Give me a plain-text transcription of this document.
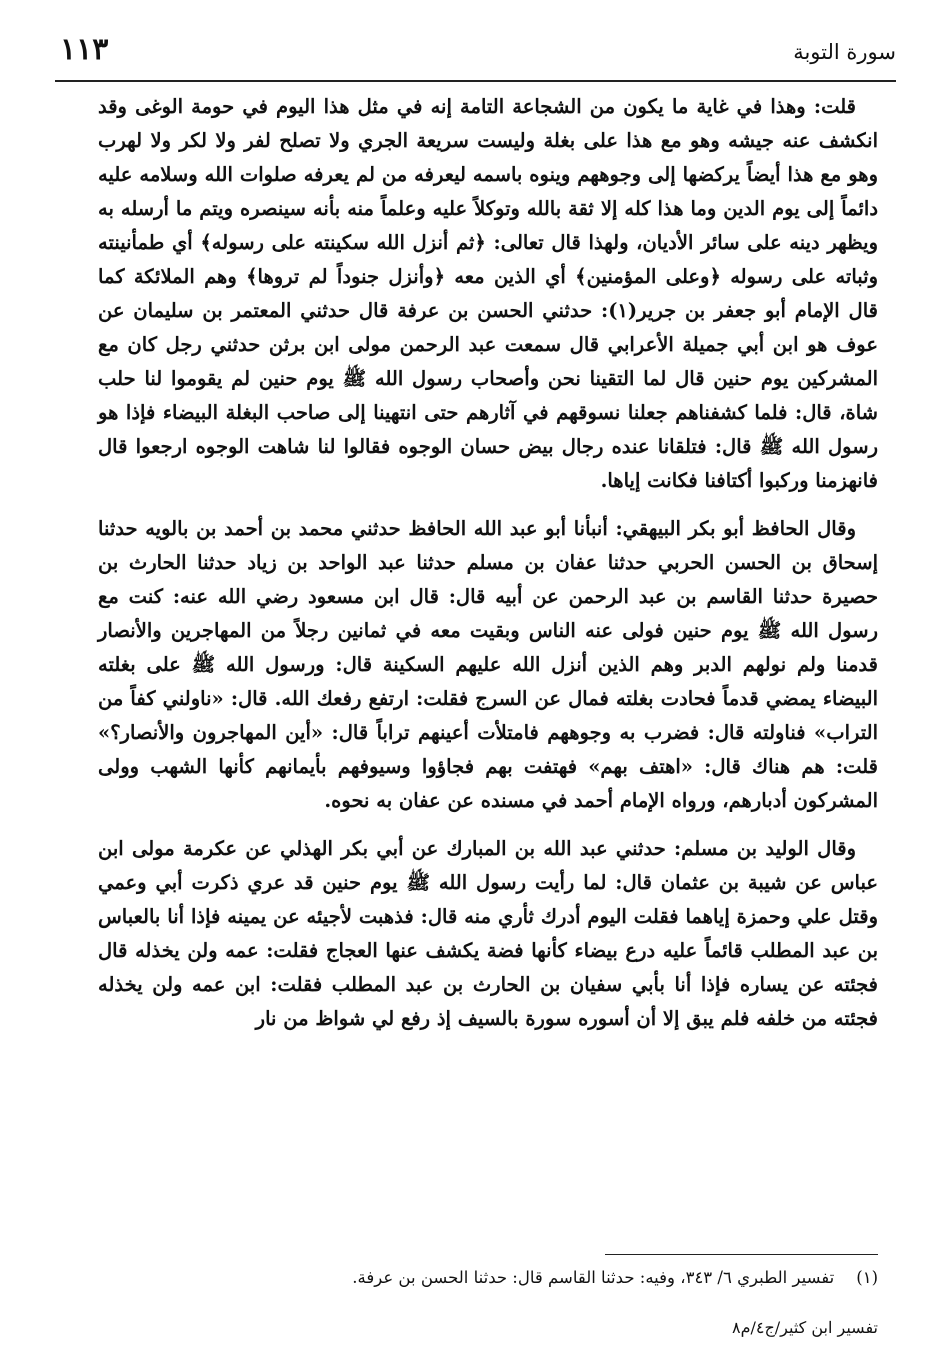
سورة التوبة
١١٣

قلت: وهذا في غاية ما يكون من الشجاعة التامة إنه في مثل هذا اليوم في حومة الوغى وقد انكشف عنه جيشه وهو مع هذا على بغلة وليست سريعة الجري ولا تصلح لفر ولا لكر ولا لهرب وهو مع هذا أيضاً يركضها إلى وجوههم وينوه باسمه ليعرفه من لم يعرفه صلوات الله وسلامه عليه دائماً إلى يوم الدين وما هذا كله إلا ثقة بالله وتوكلاً عليه وعلماً منه بأنه سينصره ويتم ما أرسله به ويظهر دينه على سائر الأديان، ولهذا قال تعالى: ﴿ثم أنزل الله سكينته على رسوله﴾ أي طمأنينته وثباته على رسوله ﴿وعلى المؤمنين﴾ أي الذين معه ﴿وأنزل جنوداً لم تروها﴾ وهم الملائكة كما قال الإمام أبو جعفر بن جرير(١): حدثني الحسن بن عرفة قال حدثني المعتمر بن سليمان عن عوف هو ابن أبي جميلة الأعرابي قال سمعت عبد الرحمن مولى ابن برثن حدثني رجل كان مع المشركين يوم حنين قال لما التقينا نحن وأصحاب رسول الله ﷺ يوم حنين لم يقوموا لنا حلب شاة، قال: فلما كشفناهم جعلنا نسوقهم في آثارهم حتى انتهينا إلى صاحب البغلة البيضاء فإذا هو رسول الله ﷺ قال: فتلقانا عنده رجال بيض حسان الوجوه فقالوا لنا شاهت الوجوه ارجعوا قال فانهزمنا وركبوا أكتافنا فكانت إياها.

وقال الحافظ أبو بكر البيهقي: أنبأنا أبو عبد الله الحافظ حدثني محمد بن أحمد بن بالويه حدثنا إسحاق بن الحسن الحربي حدثنا عفان بن مسلم حدثنا عبد الواحد بن زياد حدثنا الحارث بن حصيرة حدثنا القاسم بن عبد الرحمن عن أبيه قال: قال ابن مسعود رضي الله عنه: كنت مع رسول الله ﷺ يوم حنين فولى عنه الناس وبقيت معه في ثمانين رجلاً من المهاجرين والأنصار قدمنا ولم نولهم الدبر وهم الذين أنزل الله عليهم السكينة قال: ورسول الله ﷺ على بغلته البيضاء يمضي قدماً فحادت بغلته فمال عن السرج فقلت: ارتفع رفعك الله. قال: «ناولني كفاً من التراب» فناولته قال: فضرب به وجوههم فامتلأت أعينهم تراباً قال: «أين المهاجرون والأنصار؟» قلت: هم هناك قال: «اهتف بهم» فهتفت بهم فجاؤوا وسيوفهم بأيمانهم كأنها الشهب وولى المشركون أدبارهم، ورواه الإمام أحمد في مسنده عن عفان به نحوه.

وقال الوليد بن مسلم: حدثني عبد الله بن المبارك عن أبي بكر الهذلي عن عكرمة مولى ابن عباس عن شيبة بن عثمان قال: لما رأيت رسول الله ﷺ يوم حنين قد عري ذكرت أبي وعمي وقتل علي وحمزة إياهما فقلت اليوم أدرك ثأري منه قال: فذهبت لأجيئه عن يمينه فإذا أنا بالعباس بن عبد المطلب قائماً عليه درع بيضاء كأنها فضة يكشف عنها العجاج فقلت: عمه ولن يخذله قال فجئته عن يساره فإذا أنا بأبي سفيان بن الحارث بن عبد المطلب فقلت: ابن عمه ولن يخذله فجئته من خلفه فلم يبق إلا أن أسوره سورة بالسيف إذ رفع لي شواظ من نار

(١)تفسير الطبري ٦/ ٣٤٣، وفيه: حدثنا القاسم قال: حدثنا الحسن بن عرفة.
تفسير ابن كثير/ج٤/م٨
